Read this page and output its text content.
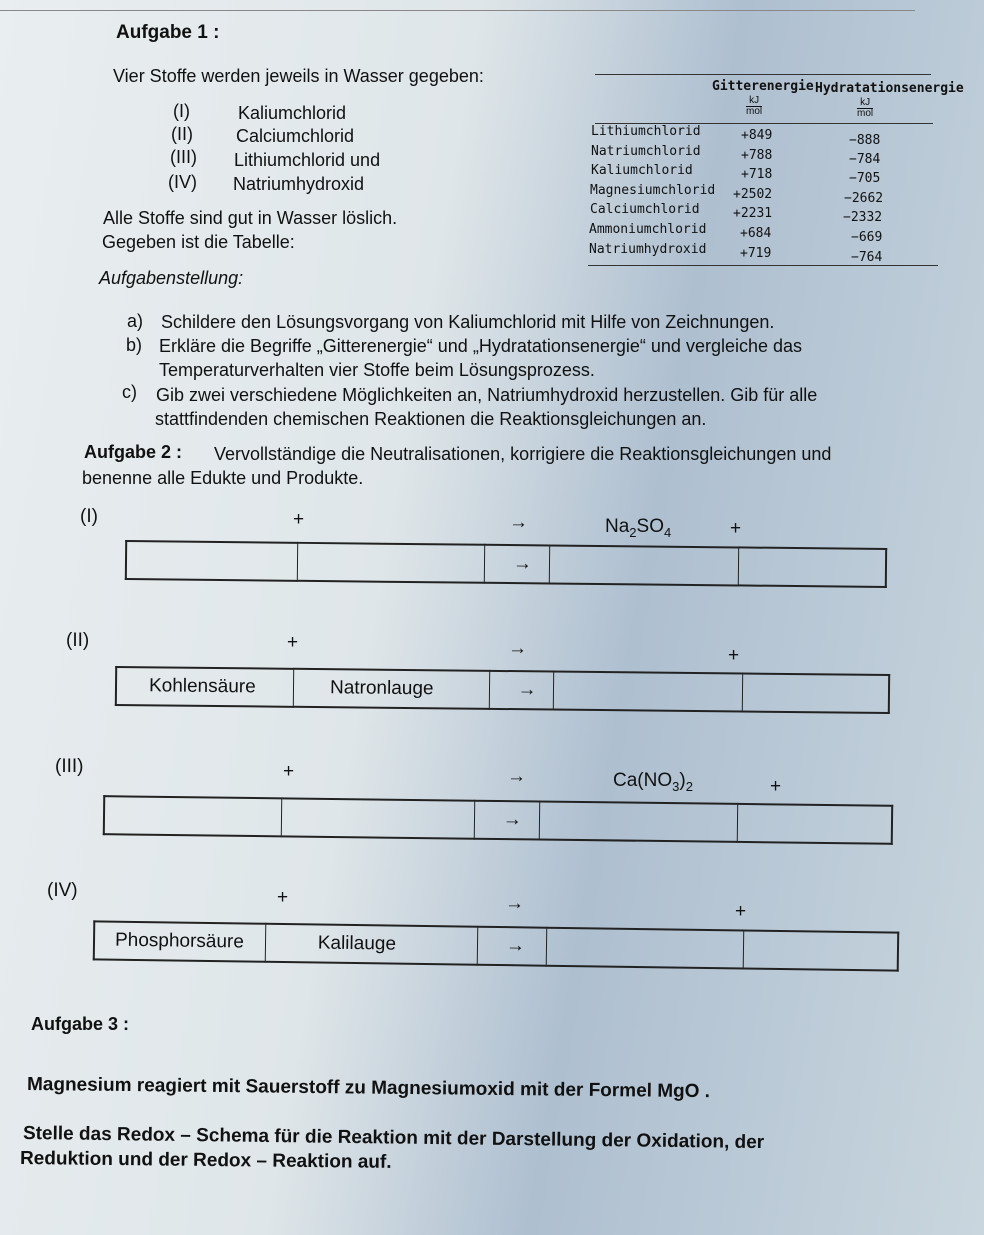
Aufgabe 1 :
Vier Stoffe werden jeweils in Wasser gegeben:
(I)	Kaliumchlorid
(II) Calciumchlorid
(III) Lithiumchlorid und
(IV) Natriumhydroxid
Alle Stoffe sind gut in Wasser löslich.
Gegeben ist die Tabelle:
Aufgabenstellung:
Gitterenergie Hydratationsenergie
$\frac{kJ}{\text{mol}}$	$\frac{kJ}{\text{mol}}$
Lithiumchlorid	+849	−888
Natriumchlorid	+788	−784
Kaliumchlorid	+718	−705
Magnesiumchlorid +2502	−2662
Calciumchlorid	+2231	−2332
Ammoniumchlorid	+684	−669
Natriumhydroxid	+719	−764
a) Schildere den Lösungsvorgang von Kaliumchlorid mit Hilfe von Zeichnungen.
b) Erkläre die Begriffe „Gitterenergie“ und „Hydratationsenergie“ und vergleiche das
Temperaturverhalten vier Stoffe beim Lösungsprozess.
c) Gib zwei verschiedene Möglichkeiten an, Natriumhydroxid herzustellen. Gib für alle
stattfindenden chemischen Reaktionen die Reaktionsgleichungen an.
Aufgabe 2 : Vervollständige die Neutralisationen, korrigiere die Reaktionsgleichungen und
benenne alle Edukte und Produkte.
(I)	+	→	$Na_2SO_4$	+
		→		
(II)	+	→	+
Kohlensäure	Natronlauge	→		
(III)	+	→	$Ca(NO_3)_2$	+
		→		
(IV)	+	→	+
Phosphorsäure	Kalilauge	→		
Aufgabe 3 :
Magnesium reagiert mit Sauerstoff zu Magnesiumoxid mit der Formel MgO .
Stelle das Redox – Schema für die Reaktion mit der Darstellung der Oxidation, der
Reduktion und der Redox – Reaktion auf.
